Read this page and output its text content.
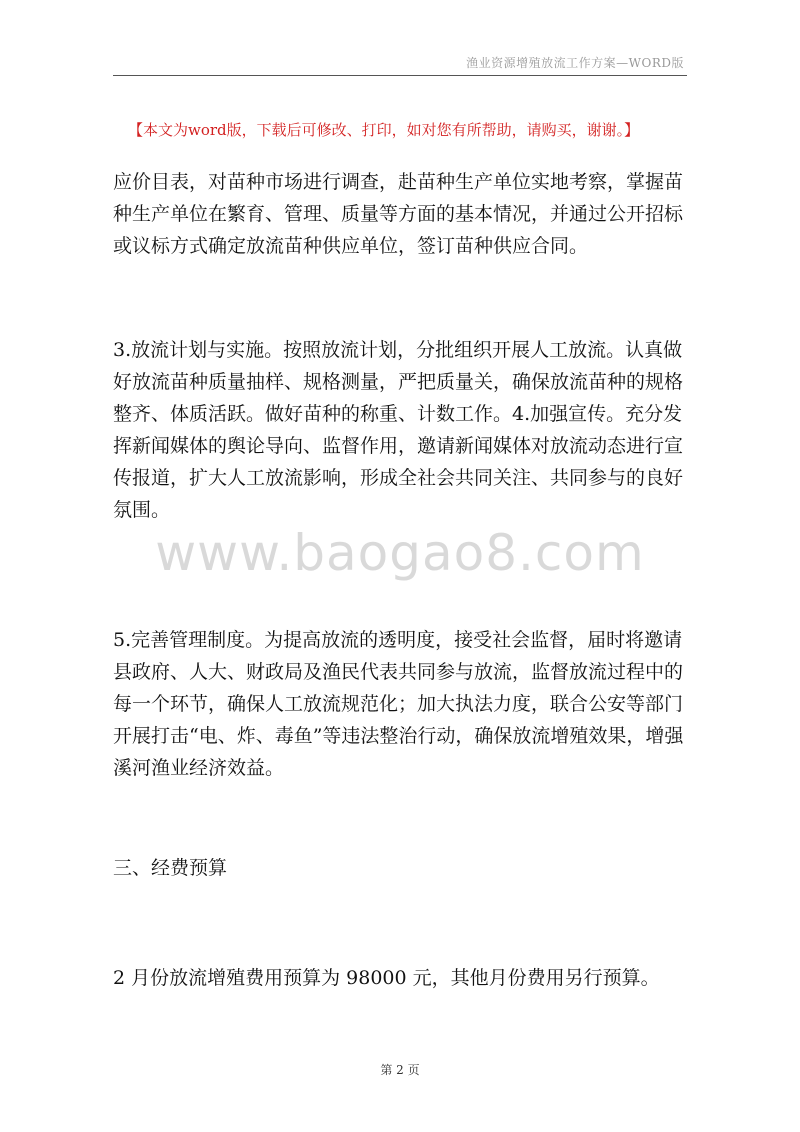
渔业资源增殖放流工作方案—WORD版
【本文为word版，下载后可修改、打印，如对您有所帮助，请购买，谢谢。】

应价目表，对苗种市场进行调查，赴苗种生产单位实地考察，掌握苗

种生产单位在繁育、管理、质量等方面的基本情况，并通过公开招标

或议标方式确定放流苗种供应单位，签订苗种供应合同。

3.放流计划与实施。按照放流计划，分批组织开展人工放流。认真做

好放流苗种质量抽样、规格测量，严把质量关，确保放流苗种的规格

整齐、体质活跃。做好苗种的称重、计数工作。4.加强宣传。充分发

挥新闻媒体的舆论导向、监督作用，邀请新闻媒体对放流动态进行宣

传报道，扩大人工放流影响，形成全社会共同关注、共同参与的良好

氛围。

www.baogao8.com

5.完善管理制度。为提高放流的透明度，接受社会监督，届时将邀请

县政府、人大、财政局及渔民代表共同参与放流，监督放流过程中的

每一个环节，确保人工放流规范化；加大执法力度，联合公安等部门

开展打击“电、炸、毒鱼”等违法整治行动，确保放流增殖效果，增强

溪河渔业经济效益。

三、经费预算

2 月份放流增殖费用预算为 98000 元，其他月份费用另行预算。

第 2 页
